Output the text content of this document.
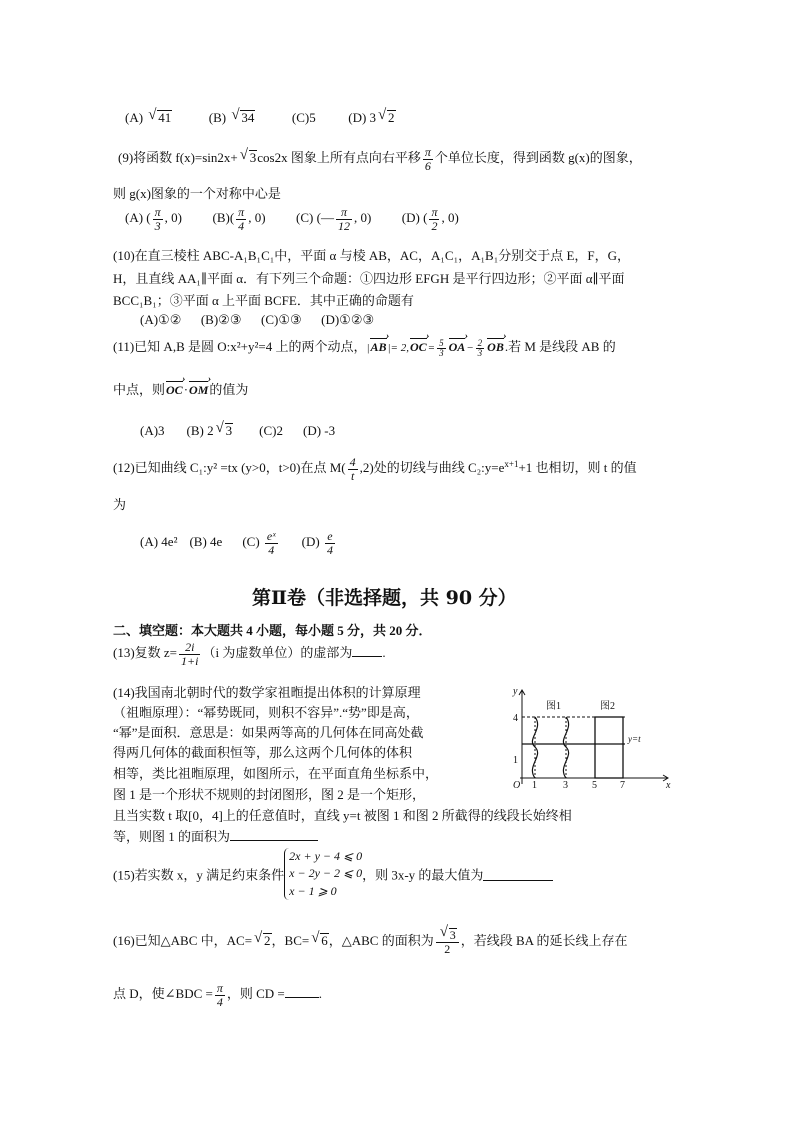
(A) √ 41	(B) √ 34	(C)5	(D) 3 √ 2
(9)将函数 f(x)=sin2x+ √ 3cos2x 图象上所有点向右平移 $\frac{\pi}{6}$ 个单位长度，得到函数 g(x)的图象，
则 g(x)图象的一个对称中心是
(A) ( $\frac{\pi}{3}$ , 0) $(B)( \frac{\pi}{4}$ , 0) (C) (— $\frac{\pi}{12}$ , 0) (D) ( $\frac{\pi}{2}$ , 0)
(10)在直三棱柱 ABC-A₁B₁C₁中，平面 α 与棱 AB，AC，A₁C₁，A₁B₁分别交于点 E，F，G，
H，且直线 AA₁∥平面 α．有下列三个命题：①四边形 EFGH 是平行四边形；②平面 α∥平面
BCC₁B₁；③平面 α 上平面 BCFE．其中正确的命题有
(A)①②      (B)②③      (C)①③      (D)①②③
(11)已知 A,B 是圆 O:x²+y²=4 上的两个动点，|AB ›|= 2,OC ›= $\frac{5}{3}$ OA ›− $\frac{2}{3}$ OB ›.若 M 是线段 AB 的
中点，则OC ›·OM ›的值为
(A)3 (B) 2 √ 3 (C)2 (D) -3
(12)已知曲线 C₁:y² =tx (y>0，t>0)在点 $M( \frac{4}{t} ,2)$处的切线与曲线 $C_2:y=e^{x+1}+1$ 也相切，则 t 的值
为
(A) 4e² (B) 4e $(C) \frac{\text{eˣ}}{4} (D) \frac{e}{4}$
第Ⅱ卷（非选择题，共 90 分）
二、填空题：本大题共 4 小题，每小题 5 分，共 20 分．
(13)复数 $z= \frac{2i}{1+i} (i$ 为虚数单位）的虚部为 .
(14)我国南北朝时代的数学家祖暅提出体积的计算原理
（祖暅原理）：“幂势既同，则积不容异”.“势”即是高，
“幂”是面积．意思是：如果两等高的几何体在同高处截
得两几何体的截面积恒等，那么这两个几何体的体积
相等，类比祖暅原理，如图所示，在平面直角坐标系中，
图 1 是一个形状不规则的封闭图形，图 2 是一个矩形，
且当实数 t 取[0，4]上的任意值时，直线 y=t 被图 1 和图 2 所截得的线段长始终相
等，则图 1 的面积为
y
x
O
4
1
1	3 5 7
图1	图2
y=t
(15)若实数 x，y 满足约束条件
2x + y − 4 ⩽ 0
x − 2y − 2 ⩽ 0
x − 1 ⩾ 0
，则 3x-y 的最大值为
(16)已知△ABC 中，AC= √ 2，BC= √ 6，△ABC 的面积为 √ $\frac{3}{2}$ ，若线段 BA 的延长线上存在
点 D，使∠BDC = $\frac{\pi}{4}$ ，则 CD =	.
